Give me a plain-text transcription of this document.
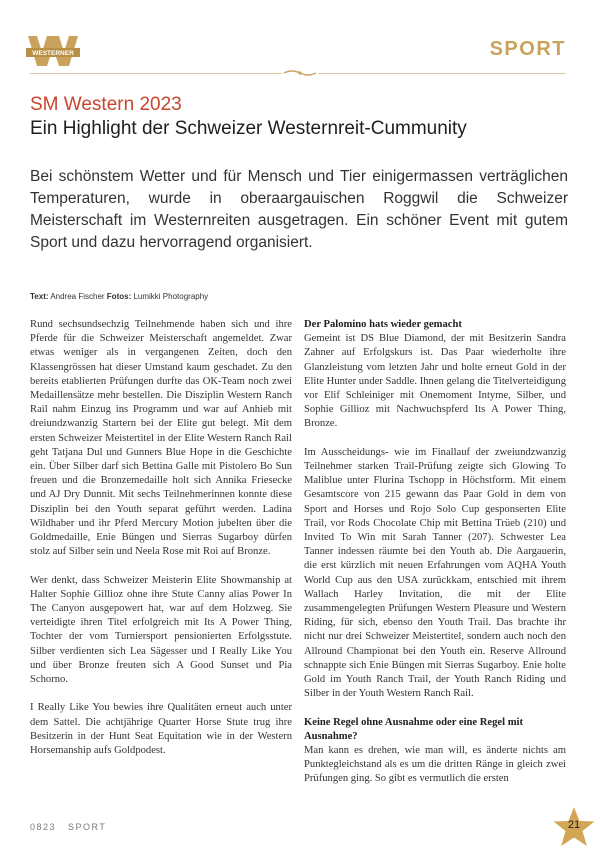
WESTERNER	SPORT
SM Western 2023
Ein Highlight der Schweizer Westernreit-Cummunity
Bei schönstem Wetter und für Mensch und Tier einigermassen verträglichen Temperaturen, wurde in oberaargauischen Roggwil die Schweizer Meisterschaft im Westernreiten ausgetragen. Ein schöner Event mit gutem Sport und dazu hervorragend organisiert.
Text: Andrea Fischer Fotos: Lumikki Photography

Rund sechsundsechzig Teilnehmende haben sich und ihre Pferde für die Schweizer Meisterschaft angemeldet. Zwar etwas weniger als in vergangenen Zeiten, doch den Klassengrössen hat dieser Umstand kaum geschadet. Zu den bereits etablierten Prüfungen durfte das OK-Team noch zwei Medaillensätze mehr bestellen. Die Disziplin Western Ranch Rail nahm Einzug ins Programm und war auf Anhieb mit dreiundzwanzig Startern bei der Elite gut belegt. Mit dem ersten Schweizer Meistertitel in der Elite Western Ranch Rail geht Tatjana Dul und Gunners Blue Hope in die Geschichte ein. Über Silber darf sich Bettina Galle mit Pistolero Bo Sun freuen und die Bronzemedaille holt sich Annika Friesecke und AJ Dry Dunnit. Mit sechs Teilnehmerinnen konnte diese Disziplin bei den Youth separat geführt werden. Ladina Wildhaber und ihr Pferd Mercury Motion jubelten über die Goldmedaille, Enie Büngen und Sierras Sugarboy dürfen stolz auf Silber sein und Neela Rose mit Roi auf Bronze.

Wer denkt, dass Schweizer Meisterin Elite Showmanship at Halter Sophie Gillioz ohne ihre Stute Canny alias Power In The Canyon ausgepowert hat, war auf dem Holzweg. Sie verteidigte ihren Titel erfolgreich mit Its A Power Thing, Tochter der vom Turniersport pensionierten Erfolgsstute. Silber verdienten sich Lea Sägesser und I Really Like You und über Bronze freuten sich A Good Sunset und Pia Schorno.

I Really Like You bewies ihre Qualitäten erneut auch unter dem Sattel. Die achtjährige Quarter Horse Stute trug ihre Besitzerin in der Hunt Seat Equitation wie in der Western Horsemanship aufs Goldpodest.

Der Palomino hats wieder gemacht

Gemeint ist DS Blue Diamond, der mit Besitzerin Sandra Zahner auf Erfolgskurs ist. Das Paar wiederholte ihre Glanzleistung vom letzten Jahr und holte erneut Gold in der Elite Hunter under Saddle. Ihnen gelang die Titelverteidigung vor Elif Schleiniger mit Onemoment Intyme, Silber, und Sophie Gillioz mit Nachwuchspferd Its A Power Thing, Bronze.

Im Ausscheidungs- wie im Finallauf der zweiundzwanzig Teilnehmer starken Trail-Prüfung zeigte sich Glowing To Maliblue unter Flurina Tschopp in Höchstform. Mit einem Gesamtscore von 215 gewann das Paar Gold in dem von Sport and Horses und Rojo Solo Cup gesponserten Elite Trail, vor Rods Chocolate Chip mit Bettina Trüeb (210) und Invited To Win mit Sarah Tanner (207). Schwester Lea Tanner indessen räumte bei den Youth ab. Die Aargauerin, die erst kürzlich mit neuen Erfahrungen vom AQHA Youth World Cup aus den USA zurückkam, entschied mit ihrem Wallach Harley Invitation, die mit der Elite zusammengelegten Prüfungen Western Pleasure und Western Riding, für sich, ebenso den Youth Trail. Das brachte ihr nicht nur drei Schweizer Meistertitel, sondern auch noch den Allround Championat bei den Youth ein. Reserve Allround schnappte sich Enie Büngen mit Sierras Sugarboy. Enie holte Gold im Youth Ranch Trail, der Youth Ranch Riding und Silber in der Youth Western Ranch Rail.

Keine Regel ohne Ausnahme oder eine Regel mit Ausnahme?

Man kann es drehen, wie man will, es änderte nichts am Punktegleichstand als es um die dritten Ränge in gleich zwei Prüfungen ging. So gibt es vermutlich die ersten

0823 SPORT	21
